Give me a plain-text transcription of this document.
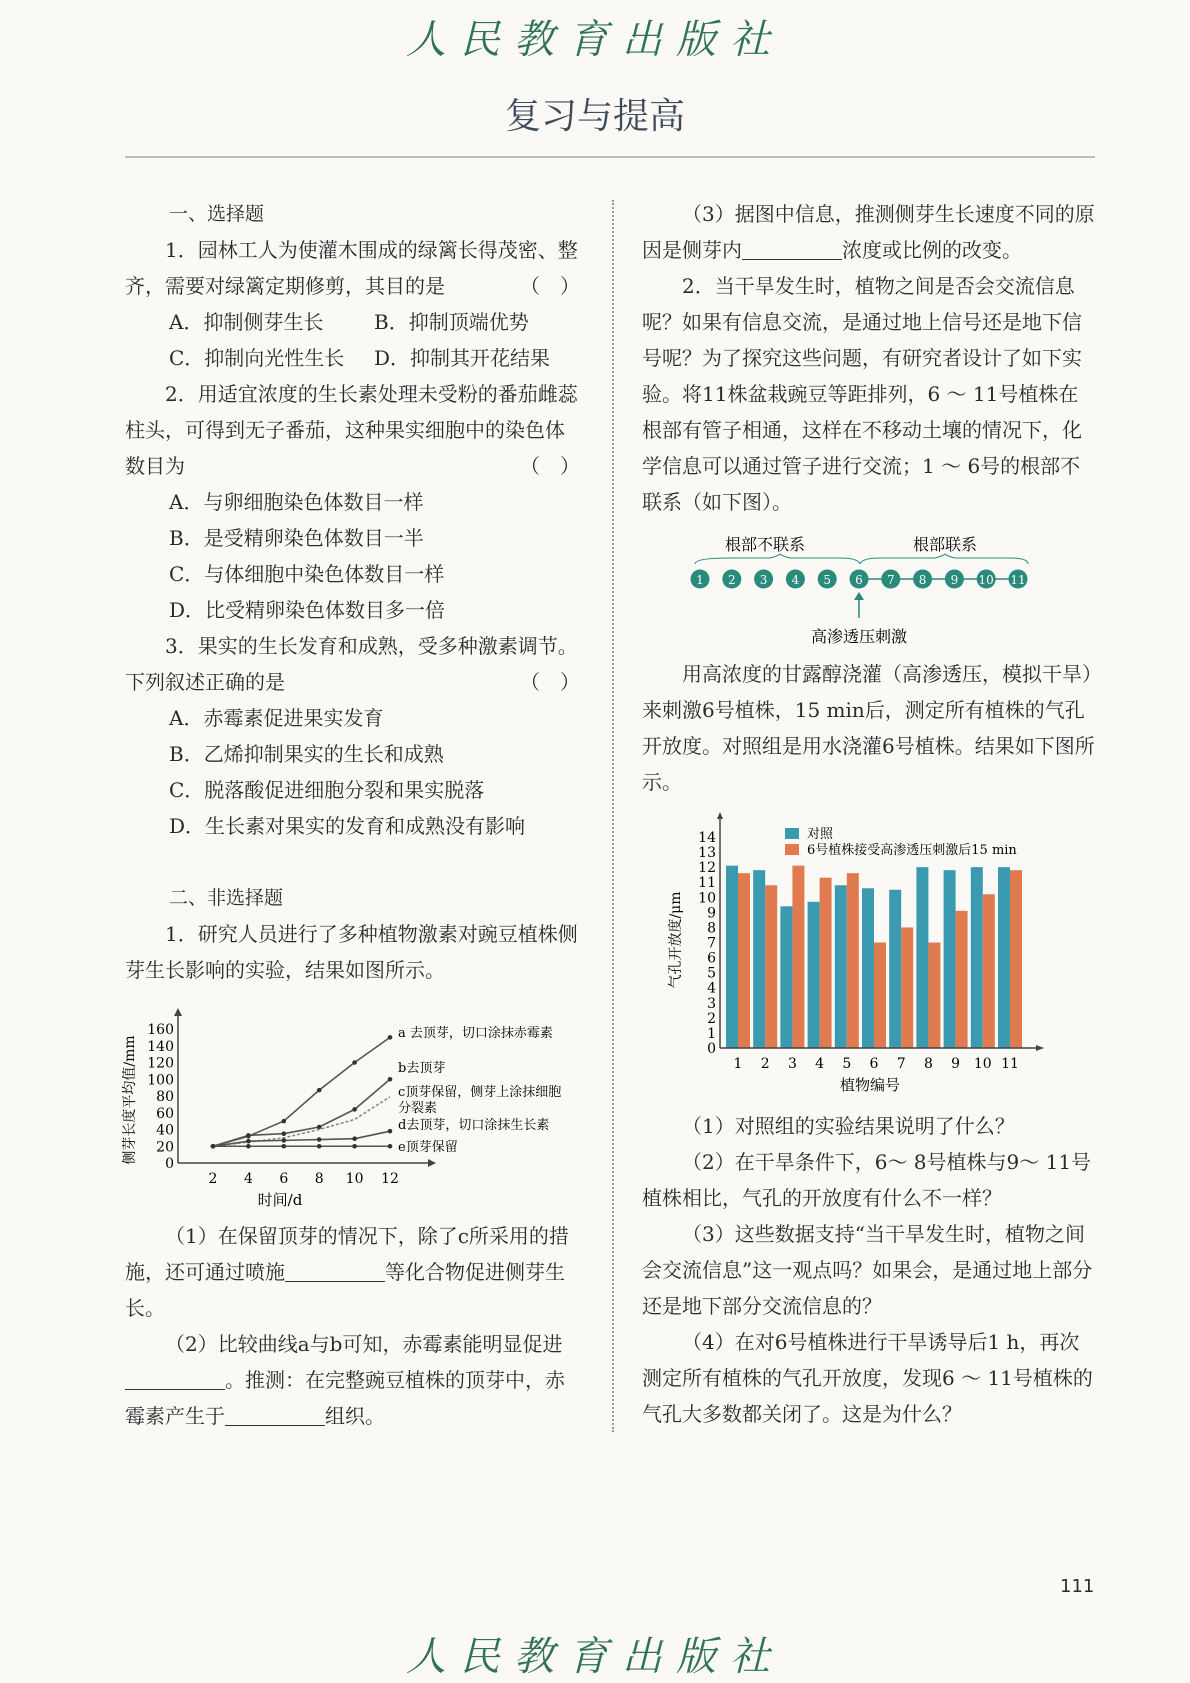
人民教育出版社
复习与提高

一、选择题

1．园林工人为使灌木围成的绿篱长得茂密、整齐，需要对绿篱定期修剪，其目的是	（　）

A．抑制侧芽生长	B．抑制顶端优势
C．抑制向光性生长 D．抑制其开花结果

2．用适宜浓度的生长素处理未受粉的番茄雌蕊柱头，可得到无子番茄，这种果实细胞中的染色体数目为	（　）

A．与卵细胞染色体数目一样

B．是受精卵染色体数目一半

C．与体细胞中染色体数目一样

D．比受精卵染色体数目多一倍

3．果实的生长发育和成熟，受多种激素调节。下列叙述正确的是	（　）

A．赤霉素促进果实发育

B．乙烯抑制果实的生长和成熟

C．脱落酸促进细胞分裂和果实脱落

D．生长素对果实的发育和成熟没有影响

二、非选择题

1．研究人员进行了多种植物激素对豌豆植株侧芽生长影响的实验，结果如图所示。

0
20
40
60
80
100
120
140
160
2 4 6 8 10 12
时间/d
侧芽长度平均值/mm
a 去顶芽，切口涂抹赤霉素
b去顶芽
c顶芽保留，侧芽上涂抹细胞
分裂素
d去顶芽，切口涂抹生长素
e顶芽保留

（1）在保留顶芽的情况下，除了c所采用的措施，还可通过喷施	等化合物促进侧芽生长。

（2）比较曲线a与b可知，赤霉素能明显促进。推测：在完整豌豆植株的顶芽中，赤霉素产生于	组织。

（3）据图中信息，推测侧芽生长速度不同的原因是侧芽内	浓度或比例的改变。

2．当干旱发生时，植物之间是否会交流信息呢？如果有信息交流，是通过地上信号还是地下信号呢？为了探究这些问题，有研究者设计了如下实验。将11株盆栽豌豆等距排列，6 ～ 11号植株在根部有管子相通，这样在不移动土壤的情况下，化学信息可以通过管子进行交流；1 ～ 6号的根部不联系（如下图）。

根部不联系	根部联系
1 2 3 4 5 6 7 8 9 10 11
高渗透压刺激

用高浓度的甘露醇浇灌（高渗透压，模拟干旱）来刺激6号植株，15 min后，测定所有植株的气孔开放度。对照组是用水浇灌6号植株。结果如下图所示。

0
1
2
3
4
5
6
7
8
9
10
11
12
13
14
1 2 3 4 5 6 7 8 9 10 11
植物编号
气孔开放度/μm
对照
6号植株接受高渗透压刺激后15 min

（1）对照组的实验结果说明了什么？

（2）在干旱条件下，6～ 8号植株与9～ 11号植株相比，气孔的开放度有什么不一样？

（3）这些数据支持“当干旱发生时，植物之间会交流信息”这一观点吗？如果会，是通过地上部分还是地下部分交流信息的？

（4）在对6号植株进行干旱诱导后1 h，再次测定所有植株的气孔开放度，发现6 ～ 11号植株的气孔大多数都关闭了。这是为什么？

111
人民教育出版社
